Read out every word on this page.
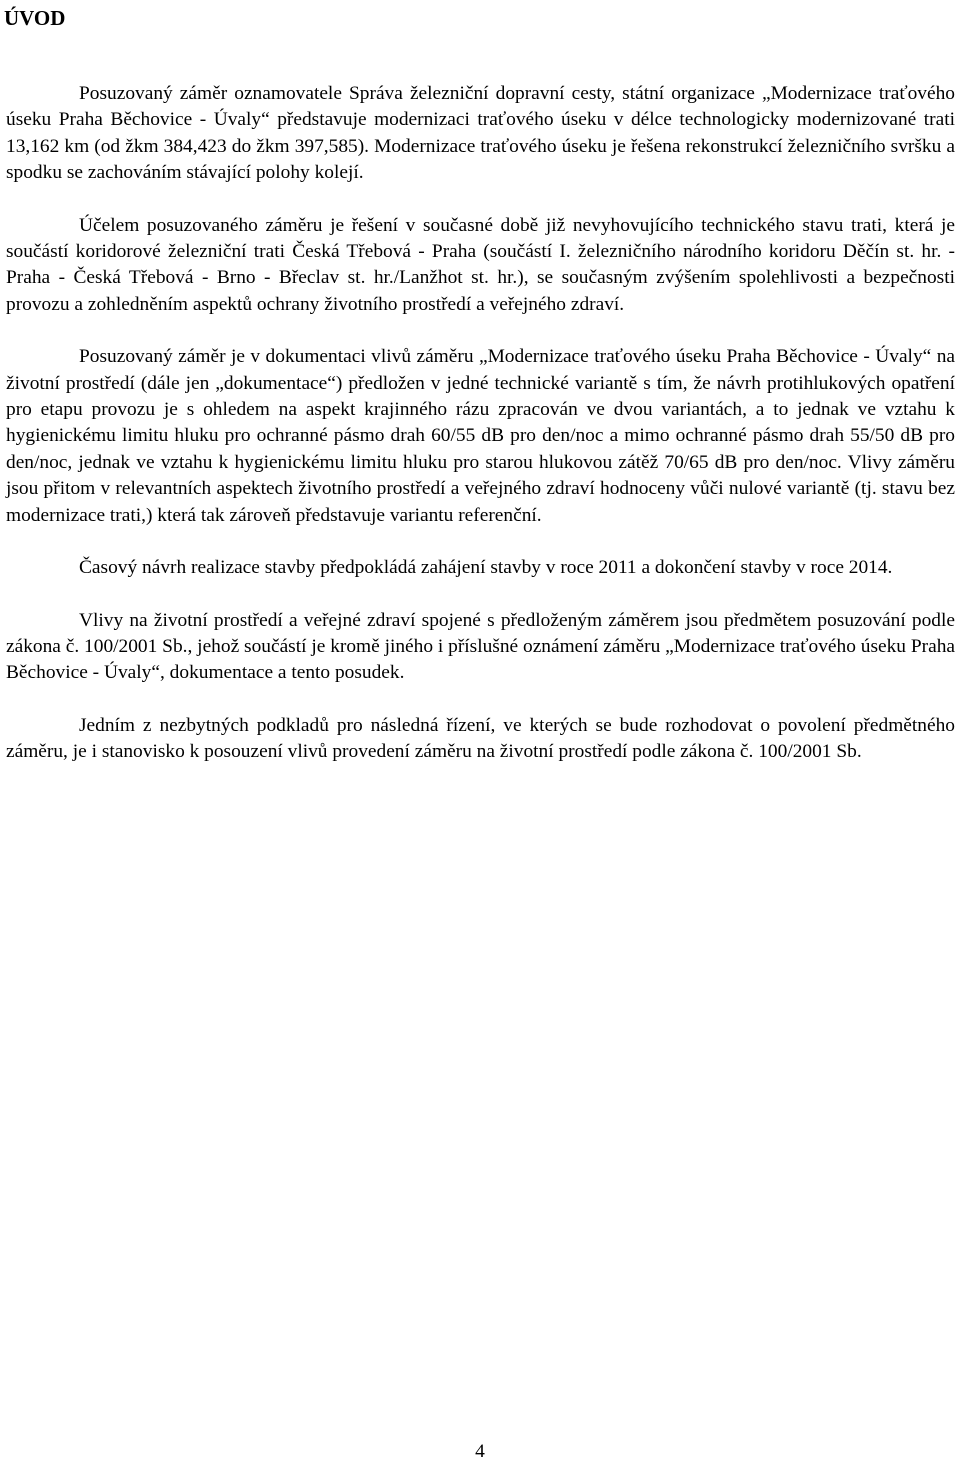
ÚVOD

Posuzovaný záměr oznamovatele Správa železniční dopravní cesty, státní organizace „Modernizace traťového úseku Praha Běchovice - Úvaly“ představuje modernizaci traťového úseku v délce technologicky modernizované trati 13,162 km (od žkm 384,423 do žkm 397,585). Modernizace traťového úseku je řešena rekonstrukcí železničního svršku a spodku se zachováním stávající polohy kolejí.

Účelem posuzovaného záměru je řešení v současné době již nevyhovujícího technického stavu trati, která je součástí koridorové železniční trati Česká Třebová - Praha (součástí I. železničního národního koridoru Děčín st. hr. - Praha - Česká Třebová - Brno - Břeclav st. hr./Lanžhot st. hr.), se současným zvýšením spolehlivosti a bezpečnosti provozu a zohledněním aspektů ochrany životního prostředí a veřejného zdraví.

Posuzovaný záměr je v dokumentaci vlivů záměru „Modernizace traťového úseku Praha Běchovice - Úvaly“ na životní prostředí (dále jen „dokumentace“) předložen v jedné technické variantě s tím, že návrh protihlukových opatření pro etapu provozu je s ohledem na aspekt krajinného rázu zpracován ve dvou variantách, a to jednak ve vztahu k hygienickému limitu hluku pro ochranné pásmo drah 60/55 dB pro den/noc a mimo ochranné pásmo drah 55/50 dB pro den/noc, jednak ve vztahu k hygienickému limitu hluku pro starou hlukovou zátěž 70/65 dB pro den/noc. Vlivy záměru jsou přitom v relevantních aspektech životního prostředí a veřejného zdraví hodnoceny vůči nulové variantě (tj. stavu bez modernizace trati,) která tak zároveň představuje variantu referenční.

Časový návrh realizace stavby předpokládá zahájení stavby v roce 2011 a dokončení stavby v roce 2014.

Vlivy na životní prostředí a veřejné zdraví spojené s předloženým záměrem jsou předmětem posuzování podle zákona č. 100/2001 Sb., jehož součástí je kromě jiného i příslušné oznámení záměru „Modernizace traťového úseku Praha Běchovice - Úvaly“, dokumentace a tento posudek.

Jedním z nezbytných podkladů pro následná řízení, ve kterých se bude rozhodovat o povolení předmětného záměru, je i stanovisko k posouzení vlivů provedení záměru na životní prostředí podle zákona č. 100/2001 Sb.

4
